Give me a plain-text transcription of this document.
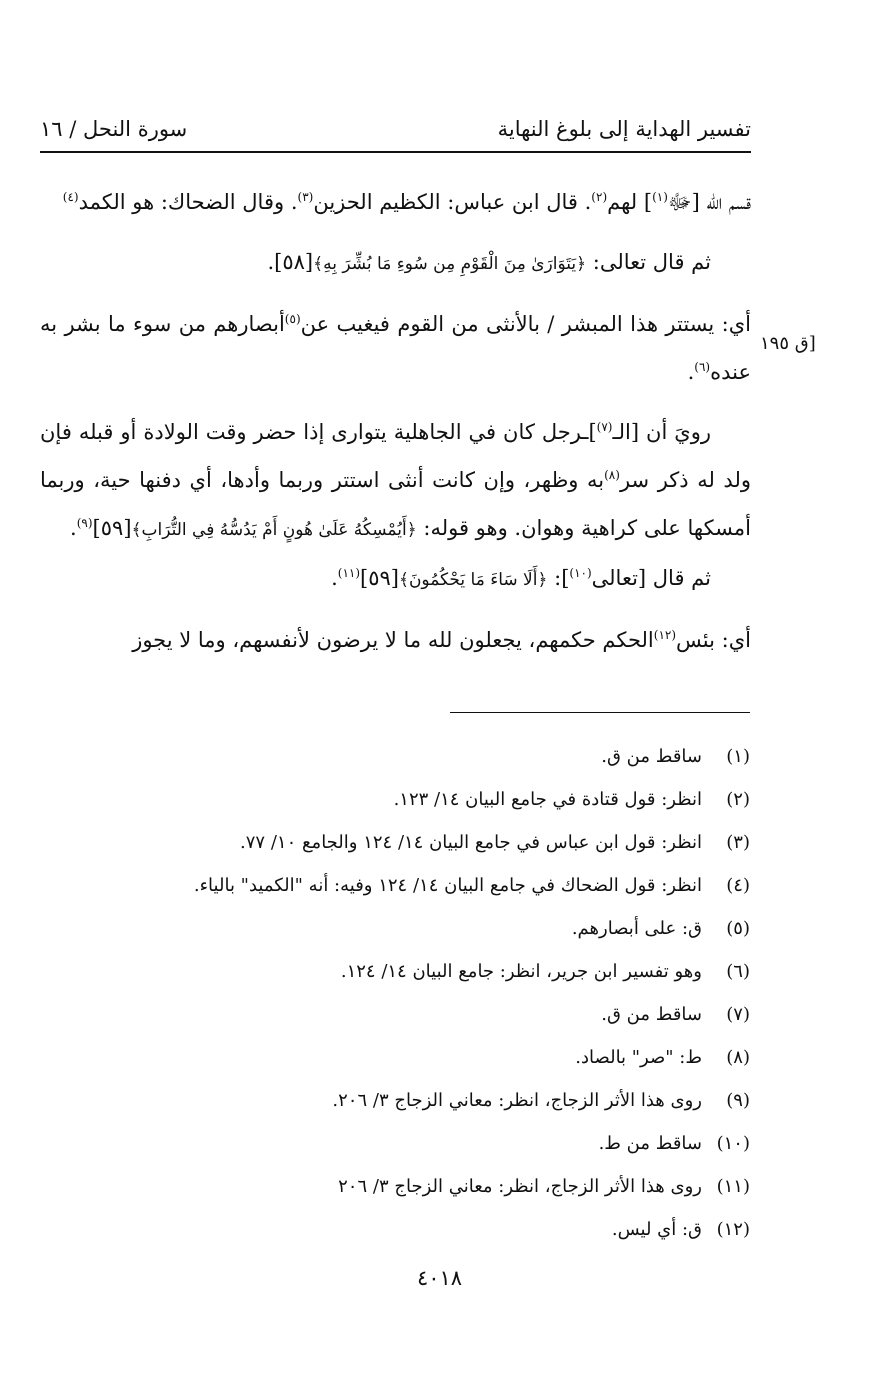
تفسير الهداية إلى بلوغ النهاية
سورة النحل / ١٦
[ق ١٩٥

قسم الله [ﷻ$^{(١)}$] لهم$^{(٢)}$. قال ابن عباس: الكظيم الحزين$^{(٣)}$. وقال الضحاك: هو الكمد$^{(٤)}$

ثم قال تعالى: ﴿يَتَوَارَىٰ مِنَ الْقَوْمِ مِن سُوءِ مَا بُشِّرَ بِهِ﴾[٥٨].

أي: يستتر هذا المبشر / بالأنثى من القوم فيغيب عن$^{(٥)}$أبصارهم من سوء ما بشر به عنده$^{(٦)}$.

رويَ أن [الـ$^{(٧)}$]ـرجل كان في الجاهلية يتوارى إذا حضر وقت الولادة أو قبله فإن ولد له ذكر سر$^{(٨)}$به وظهر، وإن كانت أنثى استتر وربما وأدها، أي دفنها حية، وربما أمسكها على كراهية وهوان. وهو قوله: ﴿أَيُمْسِكُهُ عَلَىٰ هُونٍ أَمْ يَدُسُّهُ فِي التُّرَابِ﴾[٥٩]$^{(٩)}$.

ثم قال [تعالى$^{(١٠)}$]: ﴿أَلَا سَاءَ مَا يَحْكُمُونَ﴾[٥٩]$^{(١١)}$.

أي: بئس$^{(١٢)}$الحكم حكمهم، يجعلون لله ما لا يرضون لأنفسهم، وما لا يجوز

(١)
ساقط من ق.
(٢)
انظر: قول قتادة في جامع البيان ١٤/ ١٢٣.
(٣)
انظر: قول ابن عباس في جامع البيان ١٤/ ١٢٤ والجامع ١٠/ ٧٧.
(٤)
انظر: قول الضحاك في جامع البيان ١٤/ ١٢٤ وفيه: أنه "الكميد" بالياء.
(٥)
ق: على أبصارهم.
(٦)
وهو تفسير ابن جرير، انظر: جامع البيان ١٤/ ١٢٤.
(٧)
ساقط من ق.
(٨)
ط: "صر" بالصاد.
(٩)
روى هذا الأثر الزجاج، انظر: معاني الزجاج ٣/ ٢٠٦.
(١٠)
ساقط من ط.
(١١)
روى هذا الأثر الزجاج، انظر: معاني الزجاج ٣/ ٢٠٦
(١٢)
ق: أي ليس.
٤٠١٨
